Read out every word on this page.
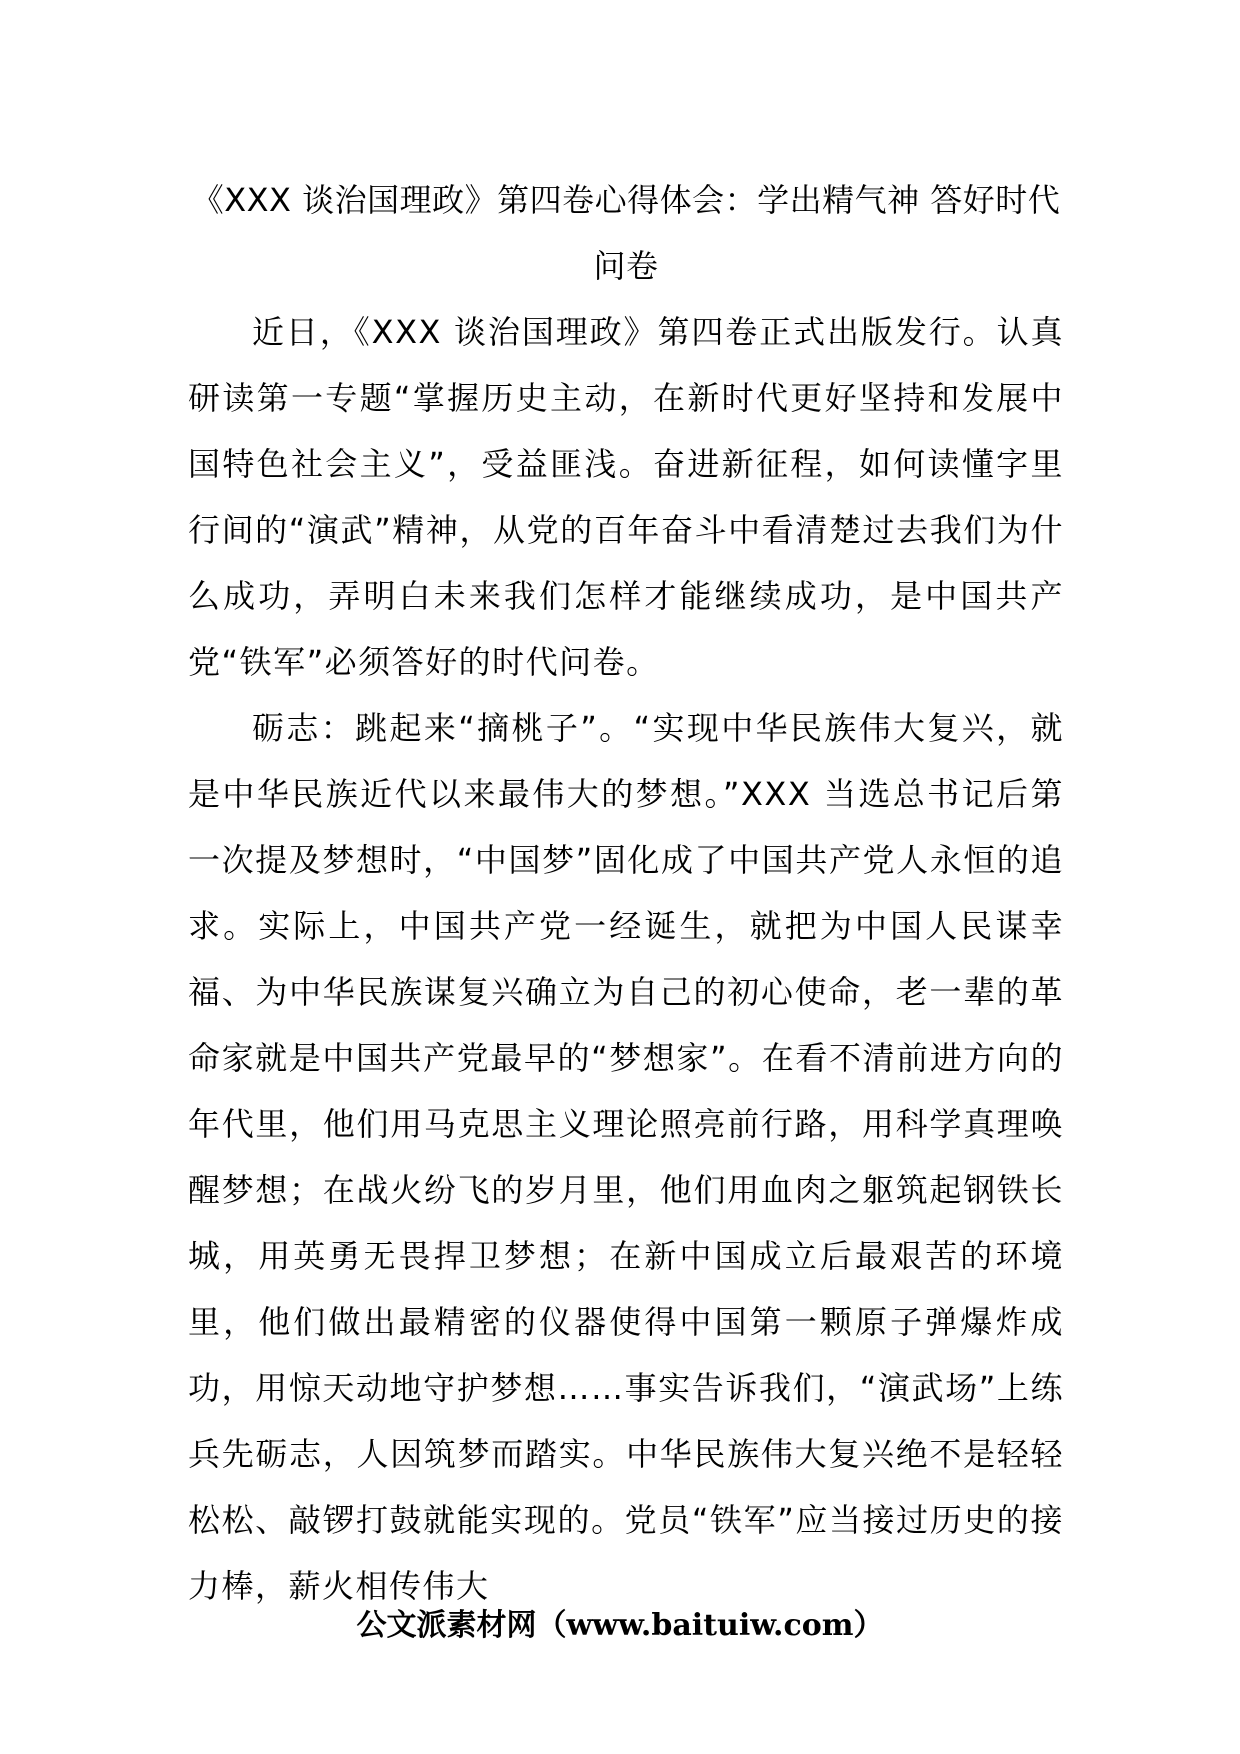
《XXX 谈治国理政》第四卷心得体会：学出精气神 答好时代问卷

近日，《XXX 谈治国理政》第四卷正式出版发行。认真研读第一专题“掌握历史主动，在新时代更好坚持和发展中国特色社会主义”，受益匪浅。奋进新征程，如何读懂字里行间的“演武”精神，从党的百年奋斗中看清楚过去我们为什么成功，弄明白未来我们怎样才能继续成功，是中国共产党“铁军”必须答好的时代问卷。

砺志：跳起来“摘桃子”。“实现中华民族伟大复兴，就是中华民族近代以来最伟大的梦想。”XXX 当选总书记后第一次提及梦想时，“中国梦”固化成了中国共产党人永恒的追求。实际上，中国共产党一经诞生，就把为中国人民谋幸福、为中华民族谋复兴确立为自己的初心使命，老一辈的革命家就是中国共产党最早的“梦想家”。在看不清前进方向的年代里，他们用马克思主义理论照亮前行路，用科学真理唤醒梦想；在战火纷飞的岁月里，他们用血肉之躯筑起钢铁长城，用英勇无畏捍卫梦想；在新中国成立后最艰苦的环境里，他们做出最精密的仪器使得中国第一颗原子弹爆炸成功，用惊天动地守护梦想……事实告诉我们，“演武场”上练兵先砺志，人因筑梦而踏实。中华民族伟大复兴绝不是轻轻松松、敲锣打鼓就能实现的。党员“铁军”应当接过历史的接力棒，薪火相传伟大

公文派素材网（www.baituiw.com）
